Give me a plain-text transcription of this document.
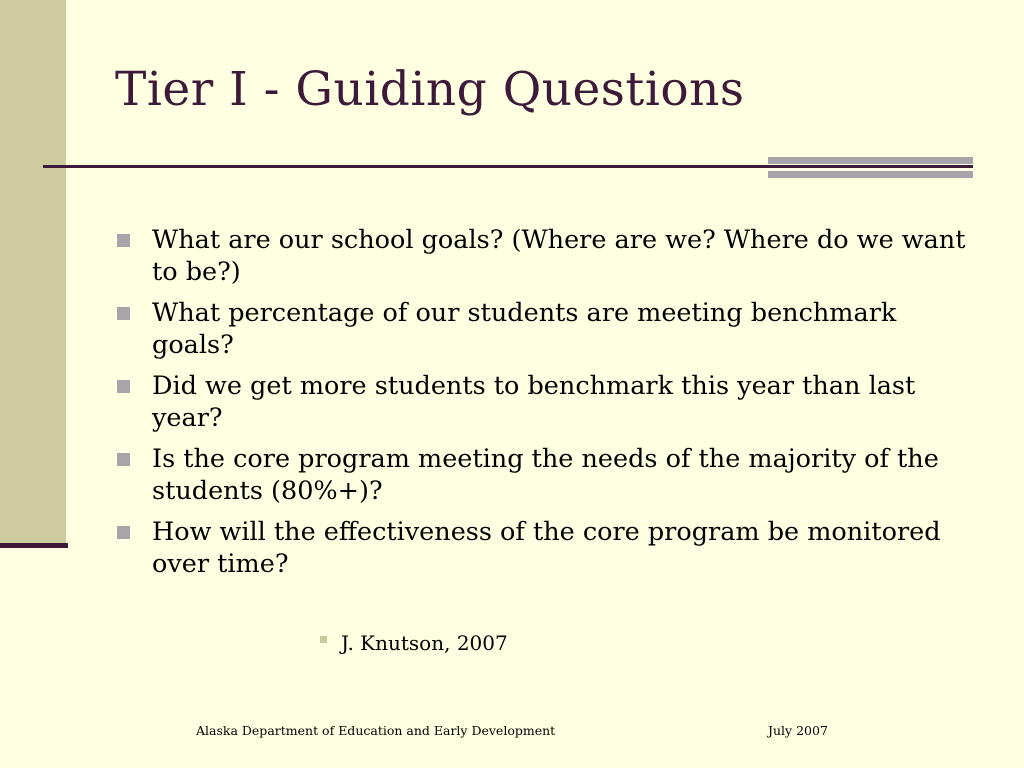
Tier I - Guiding Questions
What are our school goals? (Where are we? Where do we want to be?)
What percentage of our students are meeting benchmark goals?
Did we get more students to benchmark this year than last year?
Is the core program meeting the needs of the majority of the students (80%+)?
How will the effectiveness of the core program be monitored over time?
J. Knutson, 2007
Alaska Department of Education and Early Development	July 2007
